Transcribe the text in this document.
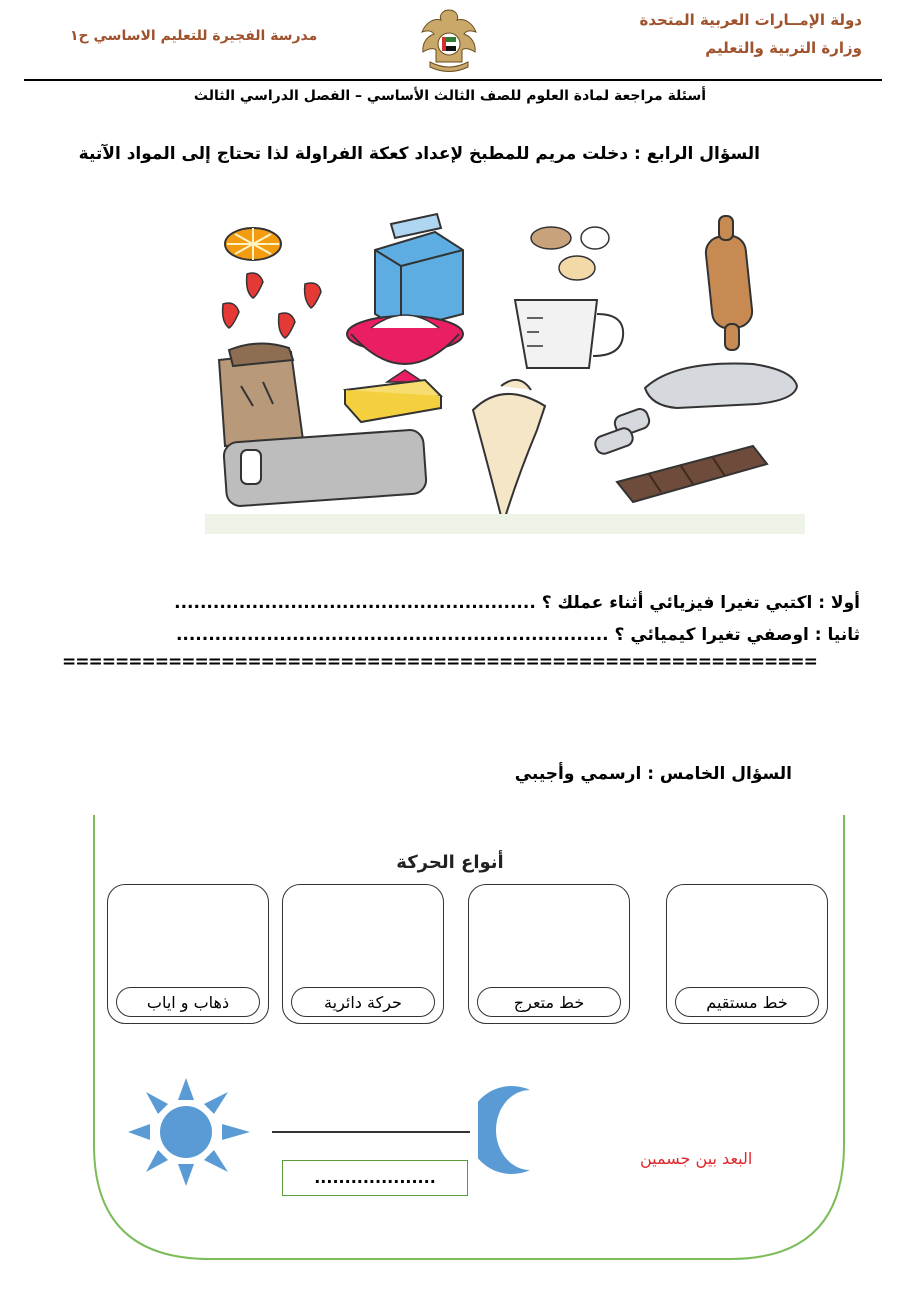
دولة الإمــارات العربية المتحدة
وزارة التربية والتعليم
مدرسة الفجيرة للتعليم الاساسي ح١
أسئلة مراجعة لمادة العلوم للصف الثالث الأساسي – الفصل الدراسي الثالث
السؤال الرابع : دخلت مريم للمطبخ لإعداد كعكة الفراولة لذا تحتاج إلى المواد الآتية
أولا : اكتبي تغيرا فيزيائي أثناء عملك ؟ ........................................................
ثانيا : اوصفي تغيرا كيميائي ؟ ...................................................................
=========================================================
السؤال الخامس : ارسمي وأجيبي
أنواع الحركة
ذهاب و اياب	حركة دائرية	خط متعرج	خط مستقيم
البعد بين جسمين
....................
